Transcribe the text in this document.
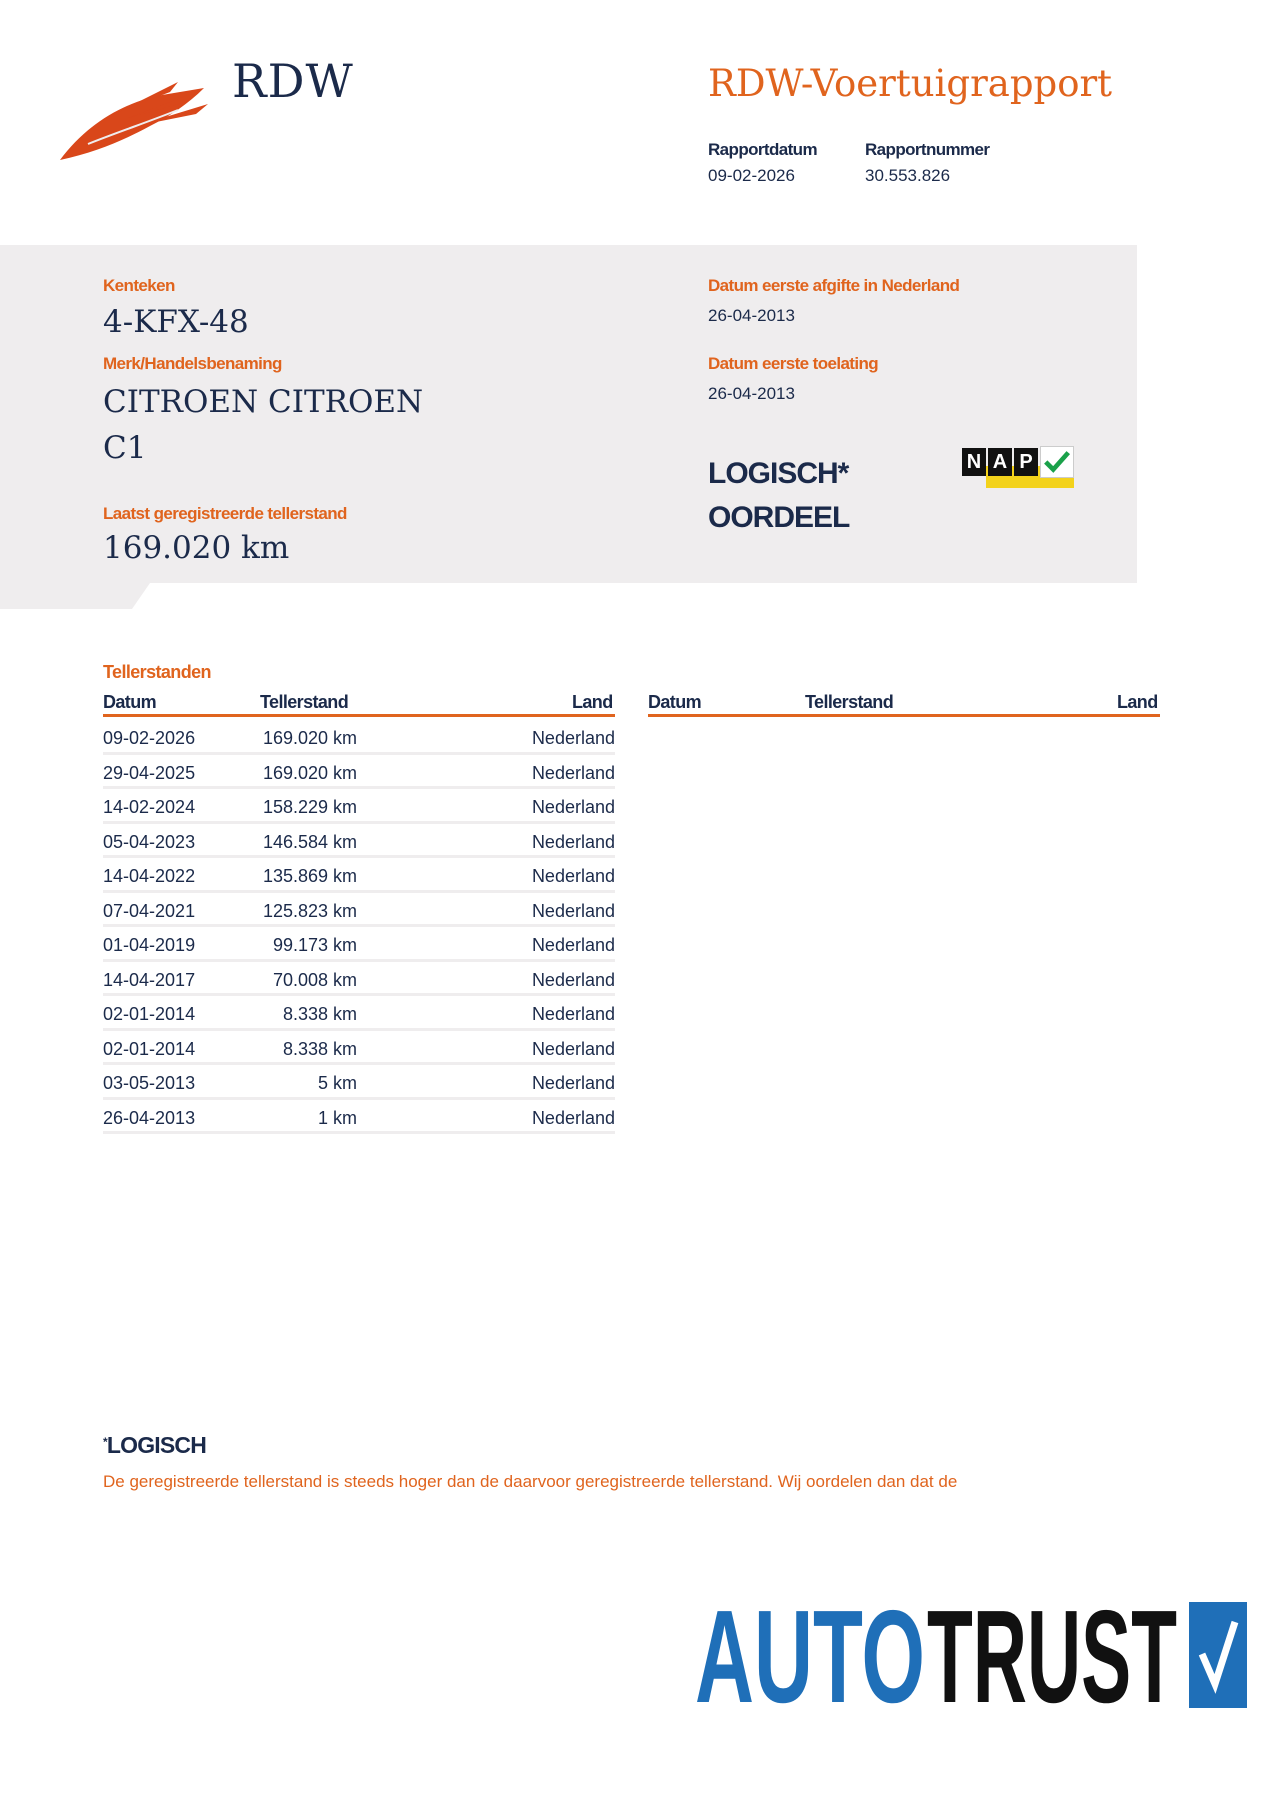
RDW	RDW-Voertuigrapport
Rapportdatum
09-02-2026
Rapportnummer
30.553.826
Kenteken
4-KFX-48
Merk/Handelsbenaming
CITROEN CITROEN
C1
Laatst geregistreerde tellerstand
169.020 km
Datum eerste afgifte in Nederland
26-04-2013
Datum eerste toelating
26-04-2013
LOGISCH*
OORDEEL
N A P
Tellerstanden
Datum	Tellerstand	Land Datum	Tellerstand	Land
09-02-2026	169.020 km	Nederland
29-04-2025	169.020 km	Nederland
14-02-2024	158.229 km	Nederland
05-04-2023	146.584 km	Nederland
14-04-2022	135.869 km	Nederland
07-04-2021	125.823 km	Nederland
01-04-2019	99.173 km	Nederland
14-04-2017	70.008 km	Nederland
02-01-2014	8.338 km	Nederland
02-01-2014	8.338 km	Nederland
03-05-2013	5 km	Nederland
26-04-2013	1 km	Nederland
*LOGISCH
De geregistreerde tellerstand is steeds hoger dan de daarvoor geregistreerde tellerstand. Wij oordelen dan dat de
AUTO TRUST
